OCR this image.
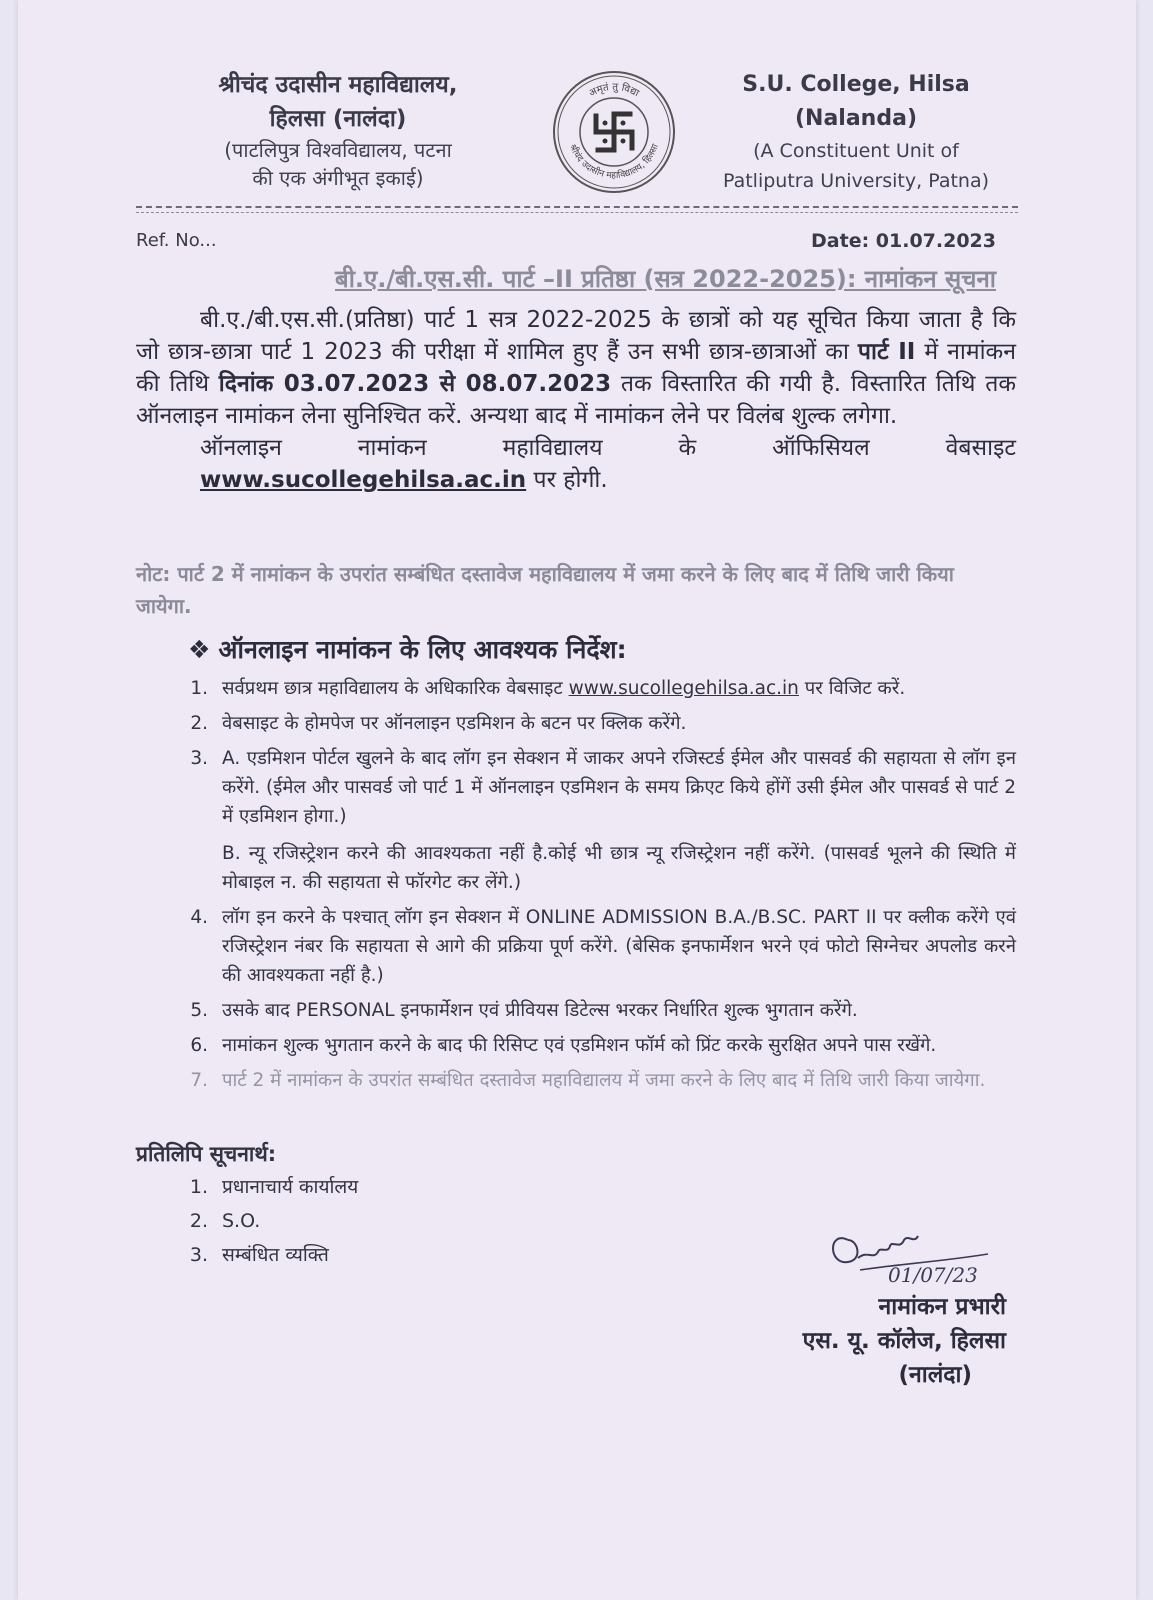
श्रीचंद उदासीन महाविद्यालय,
हिलसा (नालंदा)
(पाटलिपुत्र विश्वविद्यालय, पटना
की एक अंगीभूत इकाई)
अमृतं तु विद्या
श्रीचंद उदासीन महाविद्यालय, हिलसा
S.U. College, Hilsa
(Nalanda)
(A Constituent Unit of
Patliputra University, Patna)
Ref. No...	Date: 01.07.2023
बी.ए./बी.एस.सी. पार्ट –II प्रतिष्ठा (सत्र 2022-2025): नामांकन सूचना

बी.ए./बी.एस.सी.(प्रतिष्ठा) पार्ट 1 सत्र 2022-2025 के छात्रों को यह सूचित किया जाता है कि जो छात्र-छात्रा पार्ट 1 2023 की परीक्षा में शामिल हुए हैं उन सभी छात्र-छात्राओं का पार्ट II में नामांकन की तिथि दिनांक 03.07.2023 से 08.07.2023 तक विस्तारित की गयी है. विस्तारित तिथि तक ऑनलाइन नामांकन लेना सुनिश्चित करें. अन्यथा बाद में नामांकन लेने पर विलंब शुल्क लगेगा.

ऑनलाइन	नामांकन	महाविद्यालय	के	ऑफिसियल	वेबसाइट
www.sucollegehilsa.ac.in पर होगी.
नोट: पार्ट 2 में नामांकन के उपरांत सम्बंधित दस्तावेज महाविद्यालय में जमा करने के लिए बाद में तिथि जारी किया जायेगा.
❖ ऑनलाइन नामांकन के लिए आवश्यक निर्देश:
1. सर्वप्रथम छात्र महाविद्यालय के अधिकारिक वेबसाइट www.sucollegehilsa.ac.in पर विजिट करें.
2. वेबसाइट के होमपेज पर ऑनलाइन एडमिशन के बटन पर क्लिक करेंगे.
3. A. एडमिशन पोर्टल खुलने के बाद लॉग इन सेक्शन में जाकर अपने रजिस्टर्ड ईमेल और पासवर्ड की सहायता से लॉग इन करेंगे. (ईमेल और पासवर्ड जो पार्ट 1 में ऑनलाइन एडमिशन के समय क्रिएट किये होंगें उसी ईमेल और पासवर्ड से पार्ट 2 में एडमिशन होगा.)

B. न्यू रजिस्ट्रेशन करने की आवश्यकता नहीं है.कोई भी छात्र न्यू रजिस्ट्रेशन नहीं करेंगे. (पासवर्ड भूलने की स्थिति में मोबाइल न. की सहायता से फॉरगेट कर लेंगे.)

4. लॉग इन करने के पश्चात् लॉग इन सेक्शन में ONLINE ADMISSION B.A./B.SC. PART II पर क्लीक करेंगे एवं रजिस्ट्रेशन नंबर कि सहायता से आगे की प्रक्रिया पूर्ण करेंगे. (बेसिक इनफार्मेशन भरने एवं फोटो सिग्नेचर अपलोड करने की आवश्यकता नहीं है.)
5. उसके बाद PERSONAL इनफार्मेशन एवं प्रीवियस डिटेल्स भरकर निर्धारित शुल्क भुगतान करेंगे.
6. नामांकन शुल्क भुगतान करने के बाद फी रिसिप्ट एवं एडमिशन फॉर्म को प्रिंट करके सुरक्षित अपने पास रखेंगे.
7. पार्ट 2 में नामांकन के उपरांत सम्बंधित दस्तावेज महाविद्यालय में जमा करने के लिए बाद में तिथि जारी किया जायेगा.
प्रतिलिपि सूचनार्थ:
1. प्रधानाचार्य कार्यालय
2. S.O.
3. सम्बंधित व्यक्ति
01/07/23
नामांकन प्रभारी
एस. यू. कॉलेज, हिलसा
(नालंदा)
